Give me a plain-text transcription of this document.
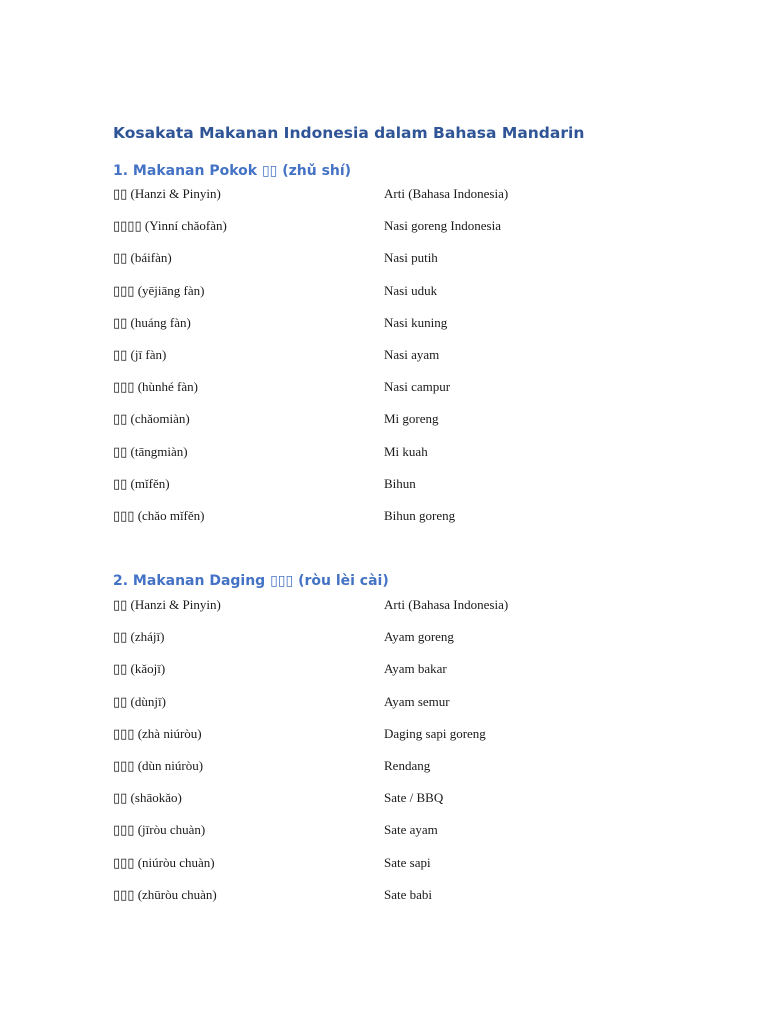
Kosakata Makanan Indonesia dalam Bahasa Mandarin
1. Makanan Pokok ▯▯ (zhǔ shí)
▯▯ (Hanzi & Pinyin)	Arti (Bahasa Indonesia)
▯▯▯▯ (Yinní chǎofàn)	Nasi goreng Indonesia
▯▯ (báifàn)	Nasi putih
▯▯▯ (yējiāng fàn)	Nasi uduk
▯▯ (huáng fàn)	Nasi kuning
▯▯ (jī fàn)	Nasi ayam
▯▯▯ (hùnhé fàn)	Nasi campur
▯▯ (chǎomiàn)	Mi goreng
▯▯ (tāngmiàn)	Mi kuah
▯▯ (mǐfěn)	Bihun
▯▯▯ (chǎo mǐfěn)	Bihun goreng
2. Makanan Daging ▯▯▯ (ròu lèi cài)
▯▯ (Hanzi & Pinyin)	Arti (Bahasa Indonesia)
▯▯ (zhájī)	Ayam goreng
▯▯ (kǎojī)	Ayam bakar
▯▯ (dùnjī)	Ayam semur
▯▯▯ (zhà niúròu)	Daging sapi goreng
▯▯▯ (dùn niúròu)	Rendang
▯▯ (shāokǎo)	Sate / BBQ
▯▯▯ (jīròu chuàn)	Sate ayam
▯▯▯ (niúròu chuàn)	Sate sapi
▯▯▯ (zhūròu chuàn)	Sate babi
